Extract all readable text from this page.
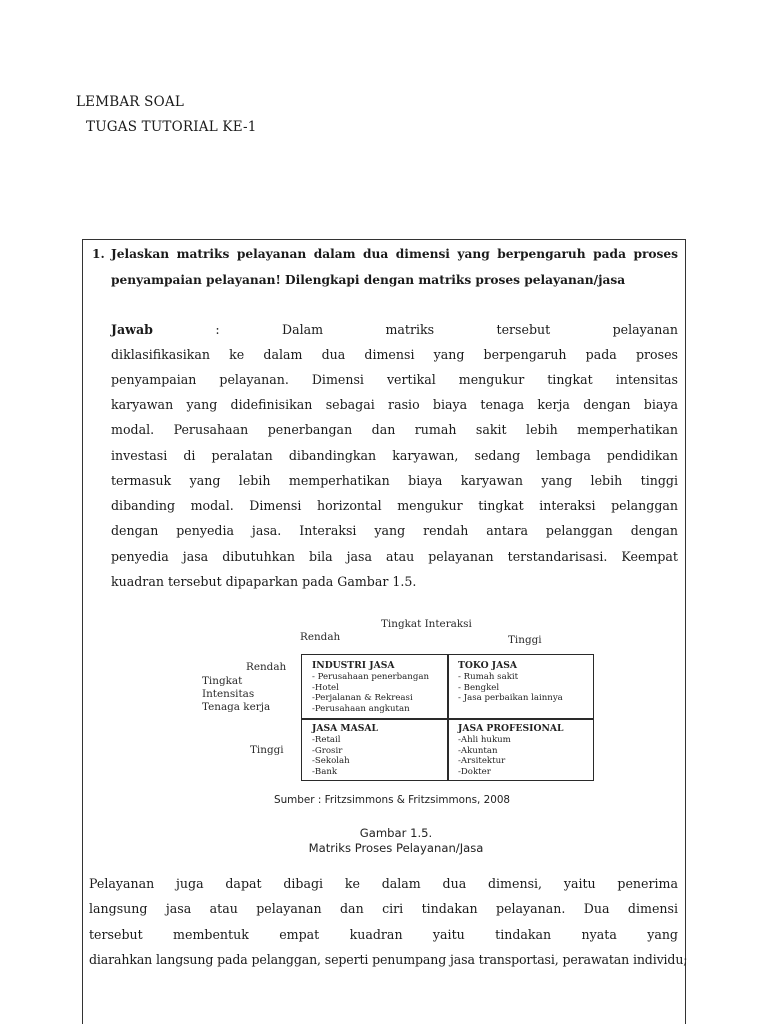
LEMBAR SOAL
TUGAS TUTORIAL KE-1
1. Jelaskan matriks pelayanan dalam dua dimensi yang berpengaruh pada proses penyampaian pelayanan! Dilengkapi dengan matriks proses pelayanan/jasa
Jawab      :      Dalam      matriks      tersebut      pelayanan
diklasifikasikan ke dalam dua dimensi yang berpengaruh pada proses
penyampaian pelayanan. Dimensi vertikal mengukur tingkat intensitas
karyawan yang didefinisikan sebagai rasio biaya tenaga kerja dengan biaya
modal. Perusahaan penerbangan dan rumah sakit lebih memperhatikan
investasi di peralatan dibandingkan karyawan, sedang lembaga pendidikan
termasuk yang lebih memperhatikan biaya karyawan yang lebih tinggi
dibanding modal. Dimensi horizontal mengukur tingkat interaksi pelanggan
dengan penyedia jasa. Interaksi yang rendah antara pelanggan dengan
penyedia jasa dibutuhkan bila jasa atau pelayanan terstandarisasi. Keempat
kuadran tersebut dipaparkan pada Gambar 1.5.
Tingkat Interaksi
Rendah	Tinggi
Rendah
Tingkat
Intensitas
Tenaga kerja
Tinggi
INDUSTRI JASA
- Perusahaan penerbangan
-Hotel
-Perjalanan & Rekreasi
-Perusahaan angkutan
TOKO JASA
- Rumah sakit
- Bengkel
- Jasa perbaikan lainnya
JASA MASAL
-Retail
-Grosir
-Sekolah
-Bank
JASA PROFESIONAL
-Ahli hukum
-Akuntan
-Arsitektur
-Dokter
Sumber : Fritzsimmons & Fritzsimmons, 2008
Gambar 1.5.
Matriks Proses Pelayanan/Jasa
Pelayanan juga dapat dibagi ke dalam dua dimensi, yaitu penerima
langsung jasa atau pelayanan dan ciri tindakan pelayanan. Dua dimensi
tersebut membentuk empat kuadran yaitu tindakan nyata yang
diarahkan langsung pada pelanggan, seperti penumpang jasa transportasi, perawatan individu;
